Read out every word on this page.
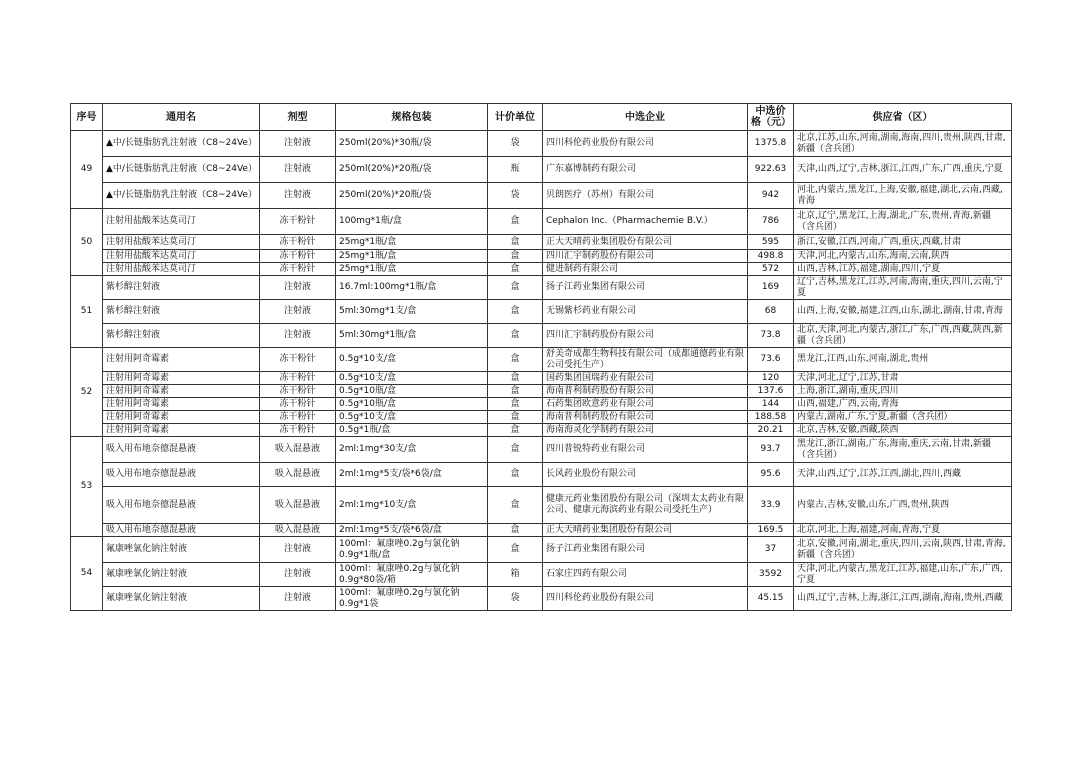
序号	通用名	剂型	规格包装	计价单位	中选企业	中选价格（元）	供应省（区）
49	▲中/长链脂肪乳注射液（C8~24Ve）	注射液	250ml(20%)*30瓶/袋	袋	四川科伦药业股份有限公司	1375.8	北京,江苏,山东,河南,湖南,海南,四川,贵州,陕西,甘肃,新疆（含兵团）
	▲中/长链脂肪乳注射液（C8~24Ve）	注射液	250ml(20%)*20瓶/袋	瓶	广东嘉博制药有限公司	922.63	天津,山西,辽宁,吉林,浙江,江西,广东,广西,重庆,宁夏
	▲中/长链脂肪乳注射液（C8~24Ve）	注射液	250ml(20%)*20瓶/袋	袋	贝朗医疗（苏州）有限公司	942	河北,内蒙古,黑龙江,上海,安徽,福建,湖北,云南,西藏,青海
50	注射用盐酸苯达莫司汀	冻干粉针	100mg*1瓶/盒	盒	Cephalon Inc.（Pharmachemie B.V.）	786	北京,辽宁,黑龙江,上海,湖北,广东,贵州,青海,新疆（含兵团）
	注射用盐酸苯达莫司汀	冻干粉针	25mg*1瓶/盒	盒	正大天晴药业集团股份有限公司	595	浙江,安徽,江西,河南,广西,重庆,西藏,甘肃
	注射用盐酸苯达莫司汀	冻干粉针	25mg*1瓶/盒	盒	四川汇宇制药股份有限公司	498.8	天津,河北,内蒙古,山东,海南,云南,陕西
	注射用盐酸苯达莫司汀	冻干粉针	25mg*1瓶/盒	盒	健进制药有限公司	572	山西,吉林,江苏,福建,湖南,四川,宁夏
51	紫杉醇注射液	注射液	16.7ml:100mg*1瓶/盒	盒	扬子江药业集团有限公司	169	辽宁,吉林,黑龙江,江苏,河南,海南,重庆,四川,云南,宁夏
	紫杉醇注射液	注射液	5ml:30mg*1支/盒	盒	无锡紫杉药业有限公司	68	山西,上海,安徽,福建,江西,山东,湖北,湖南,甘肃,青海
	紫杉醇注射液	注射液	5ml:30mg*1瓶/盒	盒	四川汇宇制药股份有限公司	73.8	北京,天津,河北,内蒙古,浙江,广东,广西,西藏,陕西,新疆（含兵团）
52	注射用阿奇霉素	冻干粉针	0.5g*10支/盒	盒	舒美奇成都生物科技有限公司（成都通德药业有限公司受托生产）	73.6	黑龙江,江西,山东,河南,湖北,贵州
	注射用阿奇霉素	冻干粉针	0.5g*10支/盒	盒	国药集团国瑞药业有限公司	120	天津,河北,辽宁,江苏,甘肃
	注射用阿奇霉素	冻干粉针	0.5g*10瓶/盒	盒	海南普利制药股份有限公司	137.6	上海,浙江,湖南,重庆,四川
	注射用阿奇霉素	冻干粉针	0.5g*10瓶/盒	盒	石药集团欧意药业有限公司	144	山西,福建,广西,云南,青海
	注射用阿奇霉素	冻干粉针	0.5g*10支/盒	盒	海南普利制药股份有限公司	188.58	内蒙古,湖南,广东,宁夏,新疆（含兵团）
	注射用阿奇霉素	冻干粉针	0.5g*1瓶/盒	盒	海南海灵化学制药有限公司	20.21	北京,吉林,安徽,西藏,陕西
53	吸入用布地奈德混悬液	吸入混悬液	2ml:1mg*30支/盒	盒	四川普锐特药业有限公司	93.7	黑龙江,浙江,湖南,广东,海南,重庆,云南,甘肃,新疆（含兵团）
	吸入用布地奈德混悬液	吸入混悬液	2ml:1mg*5支/袋*6袋/盒	盒	长风药业股份有限公司	95.6	天津,山西,辽宁,江苏,江西,湖北,四川,西藏
	吸入用布地奈德混悬液	吸入混悬液	2ml:1mg*10支/盒	盒	健康元药业集团股份有限公司（深圳太太药业有限公司、健康元海滨药业有限公司受托生产）	33.9	内蒙古,吉林,安徽,山东,广西,贵州,陕西
	吸入用布地奈德混悬液	吸入混悬液	2ml:1mg*5支/袋*6袋/盒	盒	正大天晴药业集团股份有限公司	169.5	北京,河北,上海,福建,河南,青海,宁夏
54	氟康唑氯化钠注射液	注射液	100ml：氟康唑0.2g与氯化钠0.9g*1瓶/盒	盒	扬子江药业集团有限公司	37	北京,安徽,河南,湖北,重庆,四川,云南,陕西,甘肃,青海,新疆（含兵团）
	氟康唑氯化钠注射液	注射液	100ml：氟康唑0.2g与氯化钠0.9g*80袋/箱	箱	石家庄四药有限公司	3592	天津,河北,内蒙古,黑龙江,江苏,福建,山东,广东,广西,宁夏
	氟康唑氯化钠注射液	注射液	100ml：氟康唑0.2g与氯化钠0.9g*1袋	袋	四川科伦药业股份有限公司	45.15	山西,辽宁,吉林,上海,浙江,江西,湖南,海南,贵州,西藏
